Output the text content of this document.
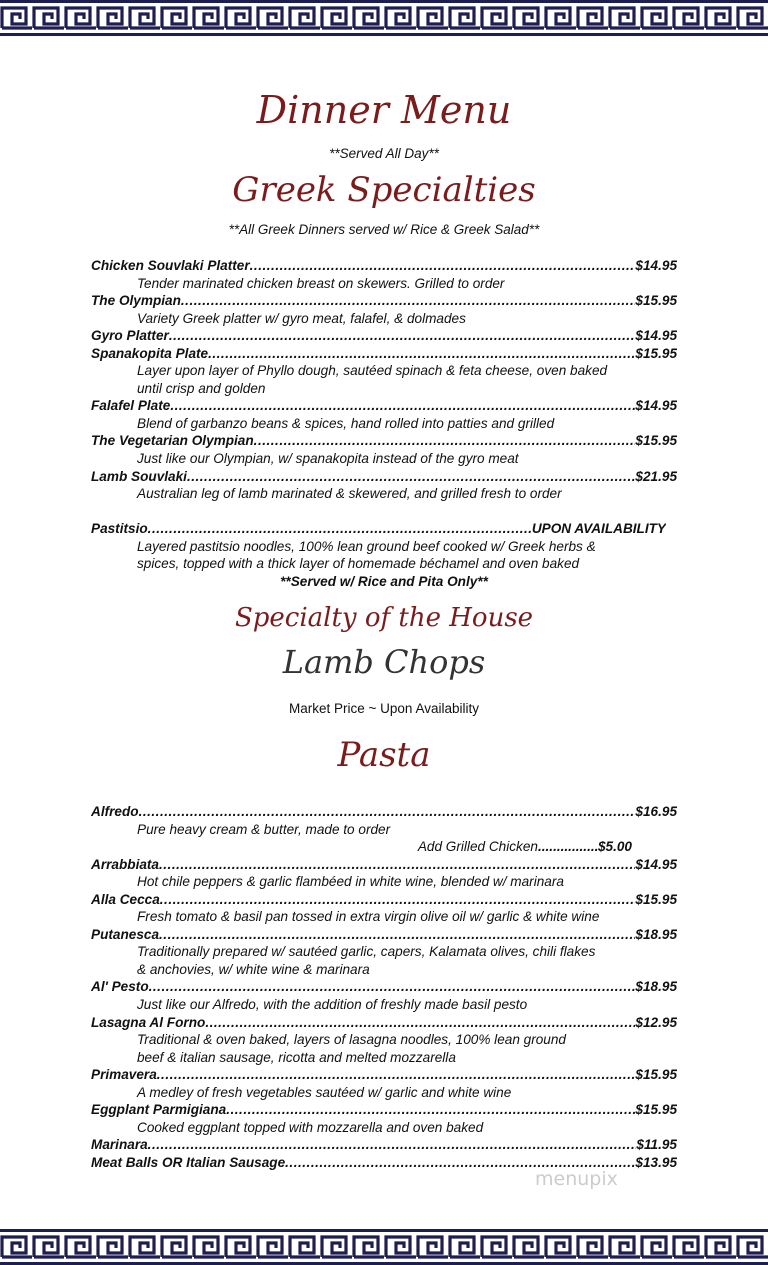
Dinner Menu
**Served All Day**
Greek Specialties
**All Greek Dinners served w/ Rice & Greek Salad**
Chicken Souvlaki Platter .....	$14.95
Tender marinated chicken breast on skewers. Grilled to order
The Olympian .....	$15.95
Variety Greek platter w/ gyro meat, falafel, & dolmades
Gyro Platter .....	$14.95
Spanakopita Plate .....	$15.95
Layer upon layer of Phyllo dough, sautéed spinach & feta cheese, oven baked
until crisp and golden
Falafel Plate .....	$14.95
Blend of garbanzo beans & spices, hand rolled into patties and grilled
The Vegetarian Olympian .....	$15.95
Just like our Olympian, w/ spanakopita instead of the gyro meat
Lamb Souvlaki .....	$21.95
Australian leg of lamb marinated & skewered, and grilled fresh to order
Pastitsio .....	UPON AVAILABILITY
Layered pastitsio noodles, 100% lean ground beef cooked w/ Greek herbs &
spices, topped with a thick layer of homemade béchamel and oven baked
**Served w/ Rice and Pita Only**
Specialty of the House
Lamb Chops
Market Price ~ Upon Availability
Pasta
Alfredo .....	$16.95
Pure heavy cream & butter, made to order
Add Grilled Chicken .....	$5.00
Arrabbiata .....	$14.95
Hot chile peppers & garlic flambéed in white wine, blended w/ marinara
Alla Cecca .....	$15.95
Fresh tomato & basil pan tossed in extra virgin olive oil w/ garlic & white wine
Putanesca .....	$18.95
Traditionally prepared w/ sautéed garlic, capers, Kalamata olives, chili flakes
& anchovies, w/ white wine & marinara
Al' Pesto .....	$18.95
Just like our Alfredo, with the addition of freshly made basil pesto
Lasagna Al Forno .....	$12.95
Traditional & oven baked, layers of lasagna noodles, 100% lean ground
beef & italian sausage, ricotta and melted mozzarella
Primavera .....	$15.95
A medley of fresh vegetables sautéed w/ garlic and white wine
Eggplant Parmigiana .....	$15.95
Cooked eggplant topped with mozzarella and oven baked
Marinara .....	$11.95
Meat Balls OR Italian Sausage .....	$13.95
menupix
